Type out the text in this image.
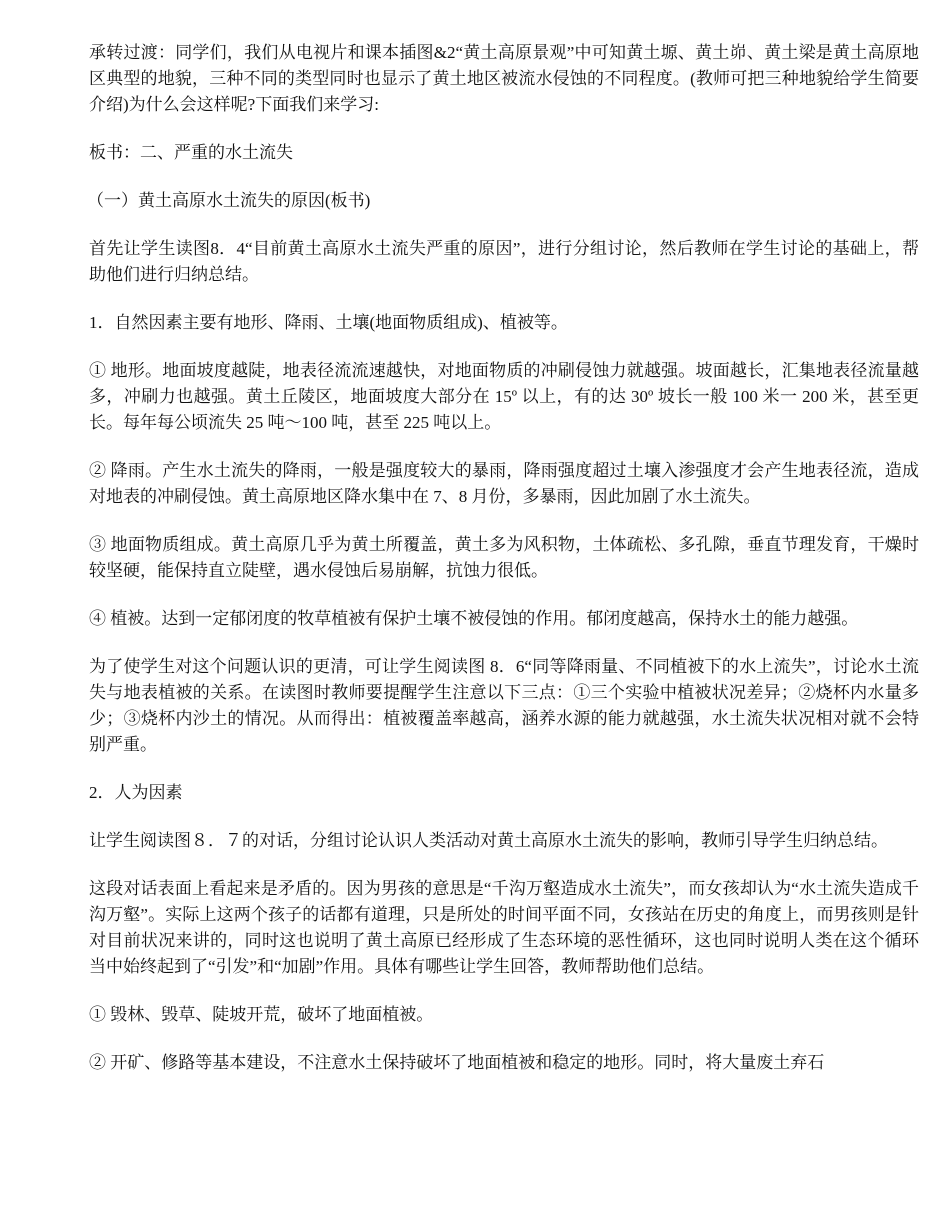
承转过渡：同学们，我们从电视片和课本插图&2“黄土高原景观”中可知黄土塬、黄土峁、黄土梁是黄土高原地区典型的地貌，三种不同的类型同时也显示了黄土地区被流水侵蚀的不同程度。(教师可把三种地貌给学生简要介绍)为什么会这样呢?下面我们来学习:

板书：二、严重的水土流失

（一）黄土高原水土流失的原因(板书)

首先让学生读图8．4“目前黄土高原水土流失严重的原因”，进行分组讨论，然后教师在学生讨论的基础上，帮助他们进行归纳总结。

1．自然因素主要有地形、降雨、土壤(地面物质组成)、植被等。

① 地形。地面坡度越陡，地表径流流速越快，对地面物质的冲刷侵蚀力就越强。坡面越长，汇集地表径流量越多，冲刷力也越强。黄土丘陵区，地面坡度大部分在 15º 以上，有的达 30º 坡长一般 100 米一 200 米，甚至更长。每年每公顷流失 25 吨～100 吨，甚至 225 吨以上。

② 降雨。产生水土流失的降雨，一般是强度较大的暴雨，降雨强度超过土壤入渗强度才会产生地表径流，造成对地表的冲刷侵蚀。黄土高原地区降水集中在 7、8 月份，多暴雨，因此加剧了水土流失。

③ 地面物质组成。黄土高原几乎为黄土所覆盖，黄土多为风积物，土体疏松、多孔隙，垂直节理发育，干燥时较坚硬，能保持直立陡壁，遇水侵蚀后易崩解，抗蚀力很低。

④ 植被。达到一定郁闭度的牧草植被有保护土壤不被侵蚀的作用。郁闭度越高，保持水土的能力越强。

为了使学生对这个问题认识的更清，可让学生阅读图 8．6“同等降雨量、不同植被下的水上流失”，讨论水土流失与地表植被的关系。在读图时教师要提醒学生注意以下三点：①三个实验中植被状况差异；②烧杯内水量多少；③烧杯内沙土的情况。从而得出：植被覆盖率越高，涵养水源的能力就越强，水土流失状况相对就不会特别严重。

2．人为因素

让学生阅读图８．７的对话，分组讨论认识人类活动对黄土高原水土流失的影响，教师引导学生归纳总结。

这段对话表面上看起来是矛盾的。因为男孩的意思是“千沟万壑造成水土流失”，而女孩却认为“水土流失造成千沟万壑”。实际上这两个孩子的话都有道理，只是所处的时间平面不同，女孩站在历史的角度上，而男孩则是针对目前状况来讲的，同时这也说明了黄土高原已经形成了生态环境的恶性循环，这也同时说明人类在这个循环当中始终起到了“引发”和“加剧”作用。具体有哪些让学生回答，教师帮助他们总结。

① 毁林、毁草、陡坡开荒，破坏了地面植被。

② 开矿、修路等基本建设，不注意水土保持破坏了地面植被和稳定的地形。同时，将大量废土弃石
